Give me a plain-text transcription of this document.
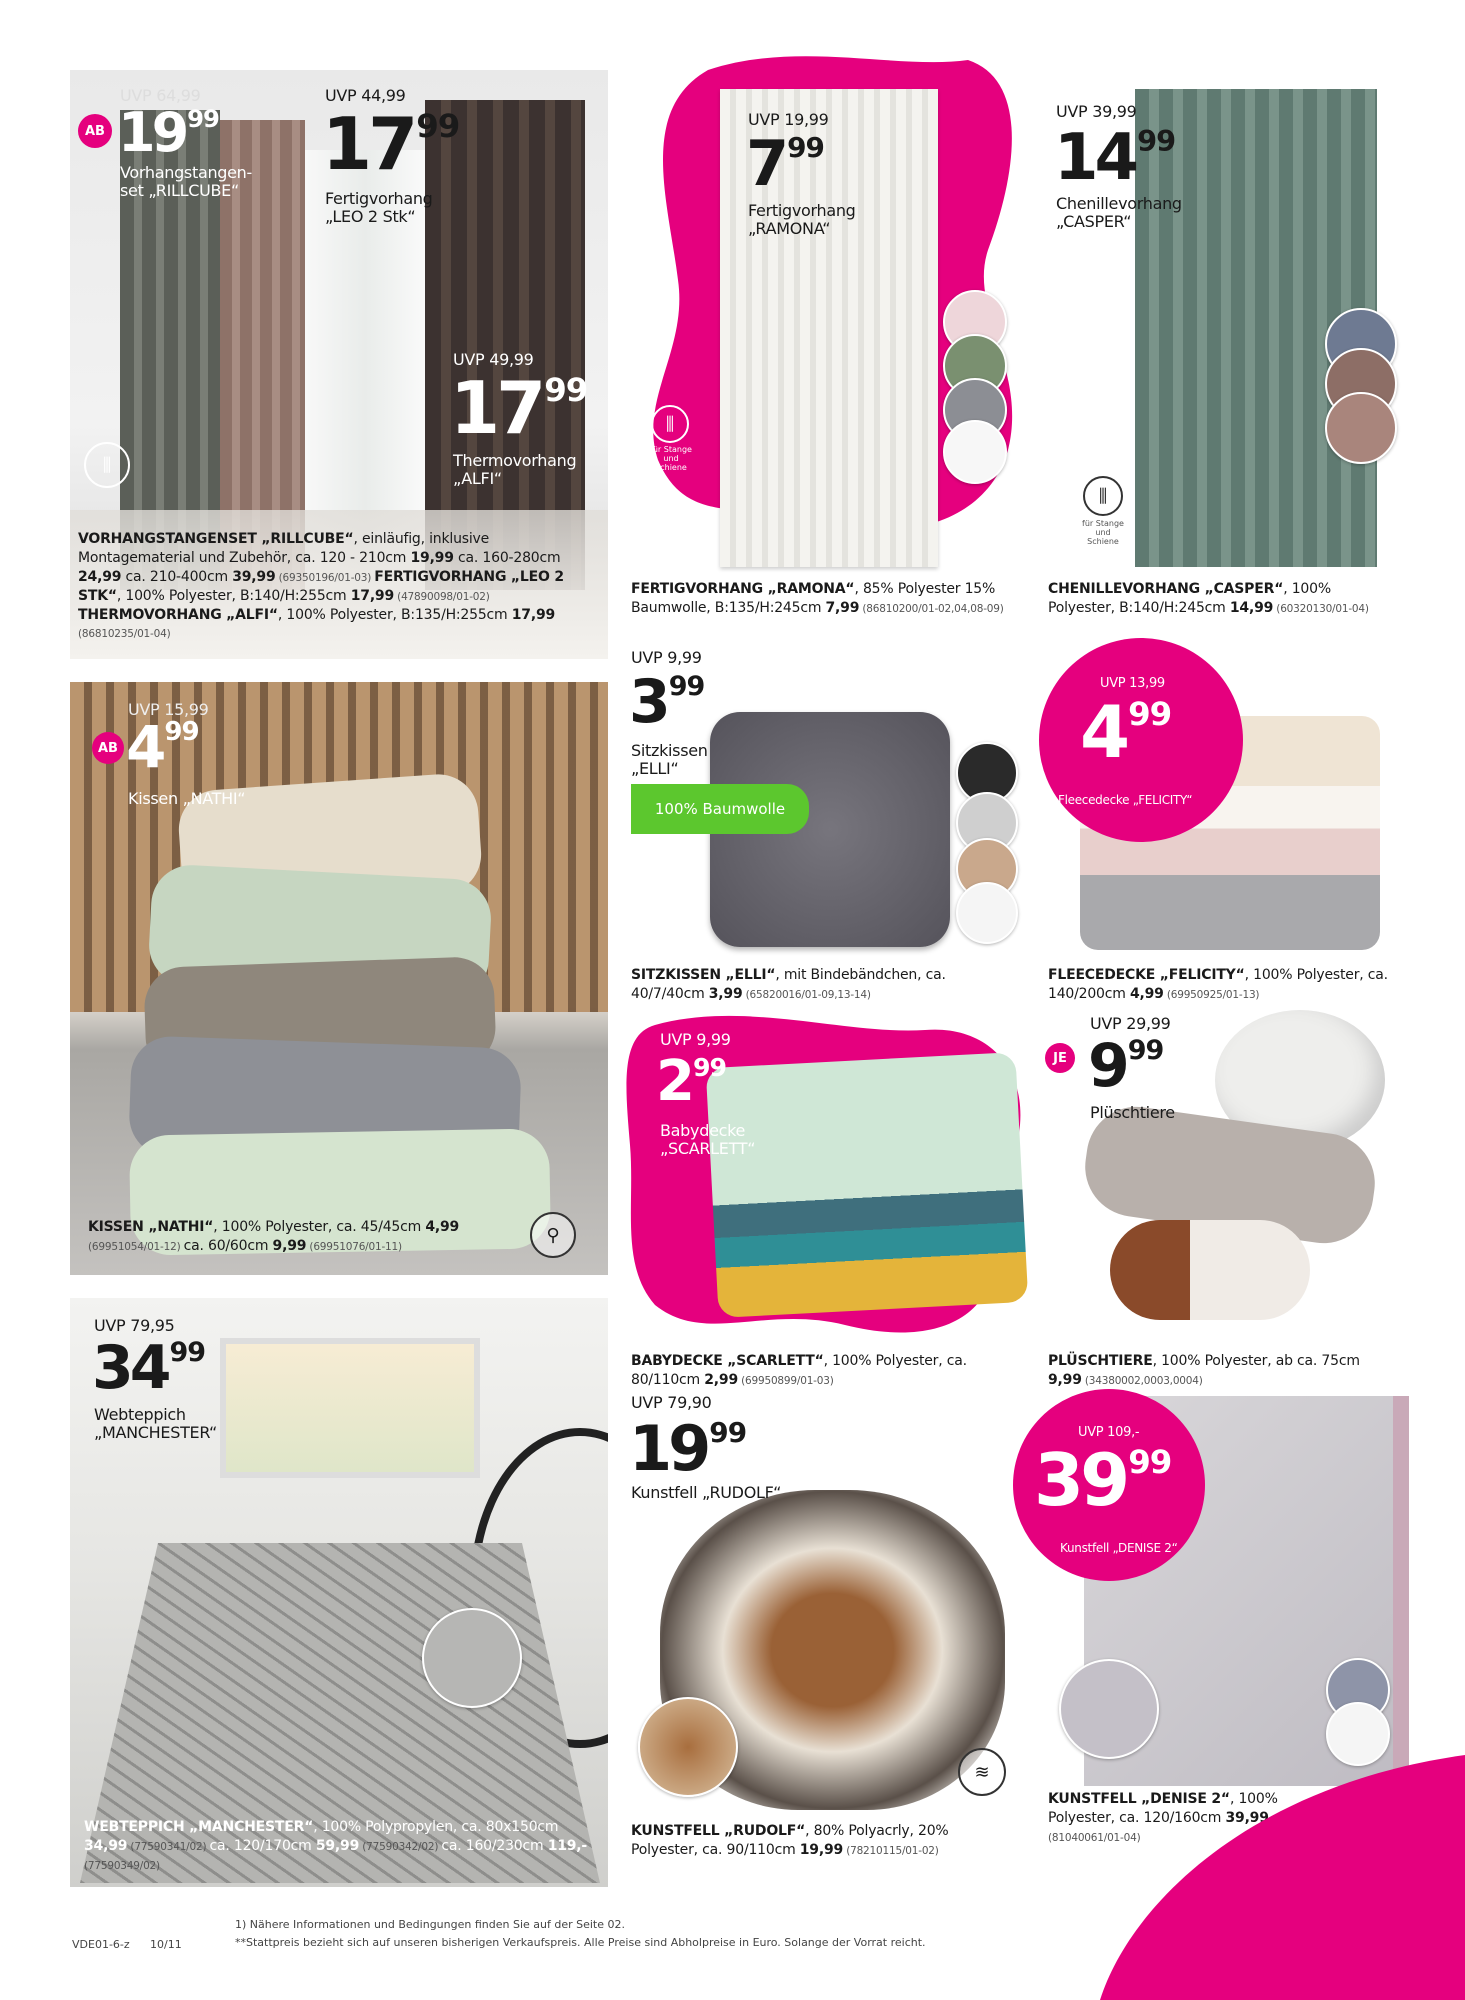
UVP 64,99
AB $19^{99}$
Vorhangstangen-
set „RILLCUBE“
UVP 44,99
$17^{99}$
Fertigvorhang
„LEO 2 Stk“
UVP 49,99
$17^{99}$
Thermovorhang
„ALFI“
⫼
VORHANGSTANGENSET „RILLCUBE“, einläufig, inklusive Montagematerial und Zubehör, ca. 120 - 210cm 19,99 ca. 160-280cm 24,99 ca. 210-400cm 39,99 (69350196/01-03) FERTIGVORHANG „LEO 2 STK“, 100% Polyester, B:140/H:255cm 17,99 (47890098/01-02) THERMOVORHANG „ALFI“, 100% Polyester, B:135/H:255cm 17,99 (86810235/01-04)
UVP 19,99
$7^{99}$
Fertigvorhang
„RAMONA“
⫼
für Stange und Schiene
FERTIGVORHANG „RAMONA“, 85% Polyester 15% Baumwolle, B:135/H:245cm 7,99 (86810200/01-02,04,08-09)
UVP 39,99
$14^{99}$
Chenillevorhang
„CASPER“
⫼
für Stange und Schiene
CHENILLEVORHANG „CASPER“, 100% Polyester, B:140/H:245cm 14,99 (60320130/01-04)
UVP 15,99
AB $4^{99}$
Kissen „NATHI“
⚲
KISSEN „NATHI“, 100% Polyester, ca. 45/45cm 4,99 (69951054/01-12) ca. 60/60cm 9,99 (69951076/01-11)
UVP 9,99
$3^{99}$
Sitzkissen
„ELLI“
100% Baumwolle
SITZKISSEN „ELLI“, mit Bindebändchen, ca. 40/7/40cm 3,99 (65820016/01-09,13-14)
UVP 13,99
$4^{99}$
Fleecedecke „FELICITY“
FLEECEDECKE „FELICITY“, 100% Polyester, ca. 140/200cm 4,99 (69950925/01-13)
UVP 9,99
$2^{99}$
Babydecke
„SCARLETT“
BABYDECKE „SCARLETT“, 100% Polyester, ca. 80/110cm 2,99 (69950899/01-03)
UVP 29,99
JE $9^{99}$
Plüschtiere
PLÜSCHTIERE, 100% Polyester, ab ca. 75cm 9,99 (34380002,0003,0004)
UVP 79,95
$34^{99}$
Webteppich
„MANCHESTER“
WEBTEPPICH „MANCHESTER“, 100% Polypropylen, ca. 80x150cm 34,99 (77590341/02) ca. 120/170cm 59,99 (77590342/02) ca. 160/230cm 119,- (77590349/02)
≋
UVP 79,90
$19^{99}$
Kunstfell „RUDOLF“
KUNSTFELL „RUDOLF“, 80% Polyacrly, 20% Polyester, ca. 90/110cm 19,99 (78210115/01-02)
UVP 109,-
$39^{99}$
Kunstfell „DENISE 2“
KUNSTFELL „DENISE 2“, 100% Polyester, ca. 120/160cm 39,99 (81040061/01-04)
VDE01-6-z 10/11
1) Nähere Informationen und Bedingungen finden Sie auf der Seite 02.
**Stattpreis bezieht sich auf unseren bisherigen Verkaufspreis. Alle Preise sind Abholpreise in Euro. Solange der Vorrat reicht.
